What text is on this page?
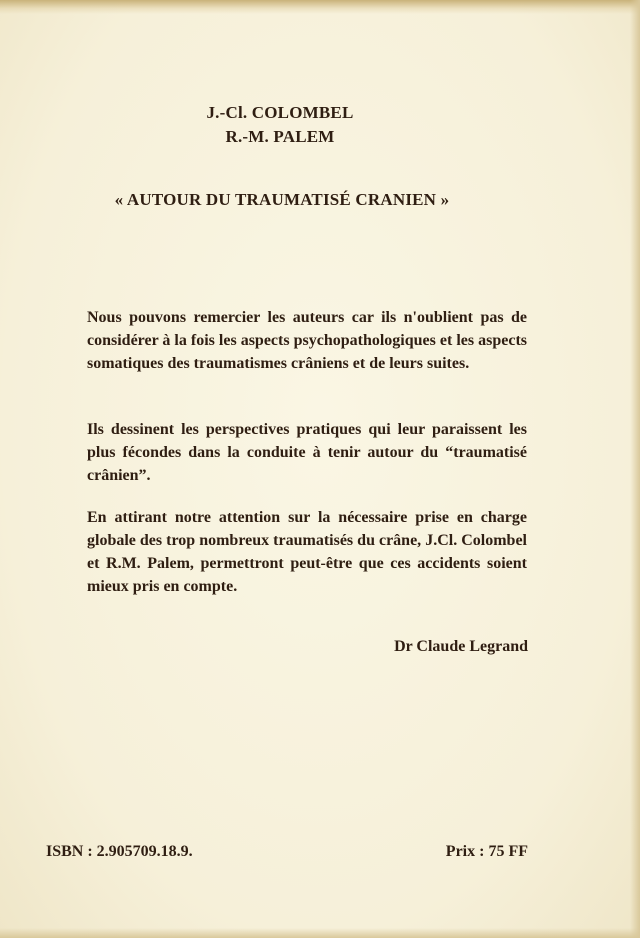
J.-Cl. COLOMBEL

R.-M. PALEM

« AUTOUR DU TRAUMATISÉ CRANIEN »

Nous pouvons remercier les auteurs car ils n'oublient pas de considérer à la fois les aspects psychopathologiques et les aspects somatiques des traumatismes crâniens et de leurs suites.

Ils dessinent les perspectives pratiques qui leur paraissent les plus fécondes dans la conduite à tenir autour du “traumatisé crânien”.

En attirant notre attention sur la nécessaire prise en charge globale des trop nombreux traumatisés du crâne, J.Cl. Colombel et R.M. Palem, permettront peut-être que ces accidents soient mieux pris en compte.

Dr Claude Legrand

ISBN : 2.905709.18.9.	Prix : 75 FF
